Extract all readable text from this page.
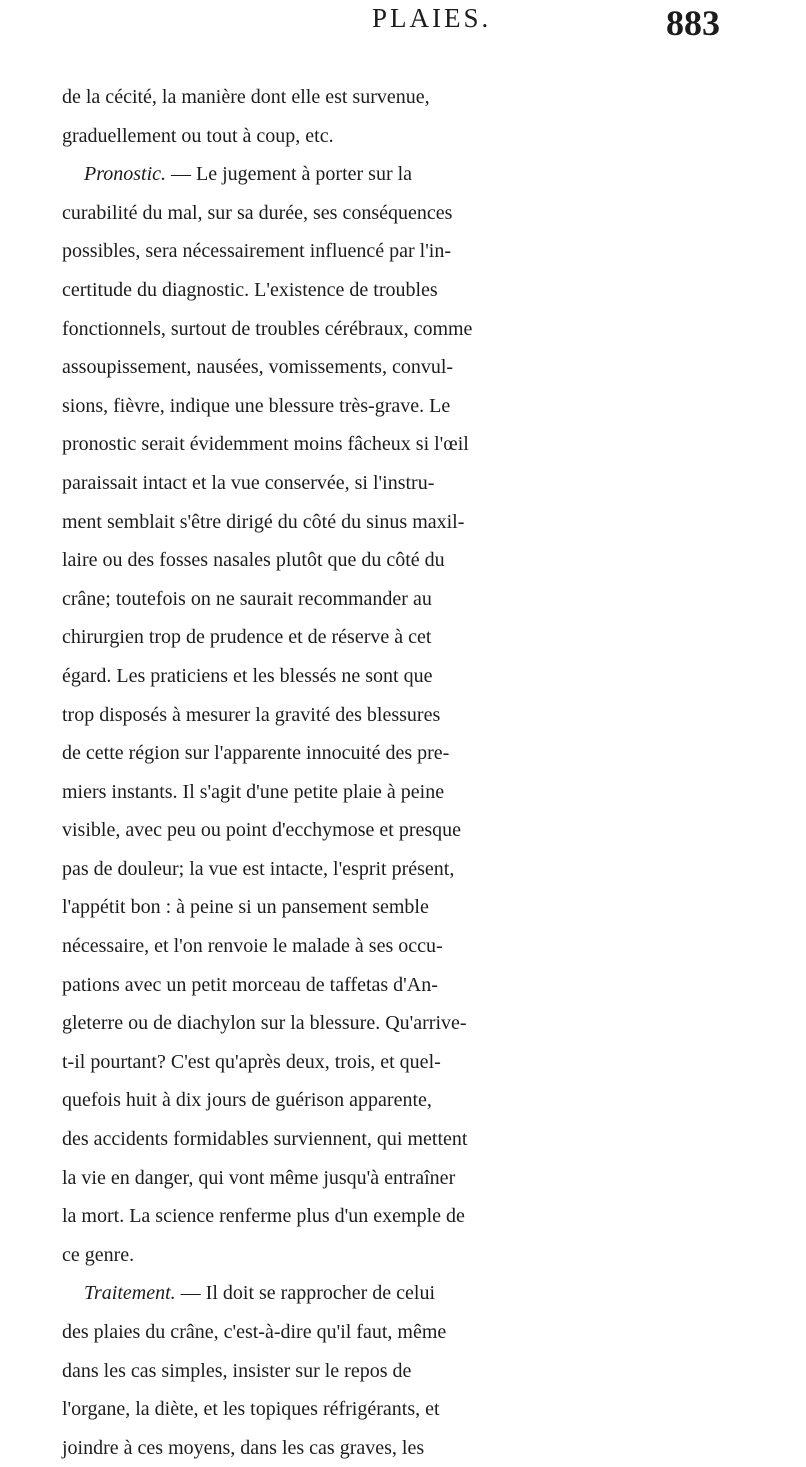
PLAIES.	883
de la cécité, la manière dont elle est survenue,
graduellement ou tout à coup, etc.
Pronostic. — Le jugement à porter sur la
curabilité du mal, sur sa durée, ses conséquences
possibles, sera nécessairement influencé par l'in-
certitude du diagnostic. L'existence de troubles
fonctionnels, surtout de troubles cérébraux, comme
assoupissement, nausées, vomissements, convul-
sions, fièvre, indique une blessure très-grave. Le
pronostic serait évidemment moins fâcheux si l'œil
paraissait intact et la vue conservée, si l'instru-
ment semblait s'être dirigé du côté du sinus maxil-
laire ou des fosses nasales plutôt que du côté du
crâne; toutefois on ne saurait recommander au
chirurgien trop de prudence et de réserve à cet
égard. Les praticiens et les blessés ne sont que
trop disposés à mesurer la gravité des blessures
de cette région sur l'apparente innocuité des pre-
miers instants. Il s'agit d'une petite plaie à peine
visible, avec peu ou point d'ecchymose et presque
pas de douleur; la vue est intacte, l'esprit présent,
l'appétit bon : à peine si un pansement semble
nécessaire, et l'on renvoie le malade à ses occu-
pations avec un petit morceau de taffetas d'An-
gleterre ou de diachylon sur la blessure. Qu'arrive-
t-il pourtant? C'est qu'après deux, trois, et quel-
quefois huit à dix jours de guérison apparente,
des accidents formidables surviennent, qui mettent
la vie en danger, qui vont même jusqu'à entraîner
la mort. La science renferme plus d'un exemple de
ce genre.
Traitement. — Il doit se rapprocher de celui
des plaies du crâne, c'est-à-dire qu'il faut, même
dans les cas simples, insister sur le repos de
l'organe, la diète, et les topiques réfrigérants, et
joindre à ces moyens, dans les cas graves, les
